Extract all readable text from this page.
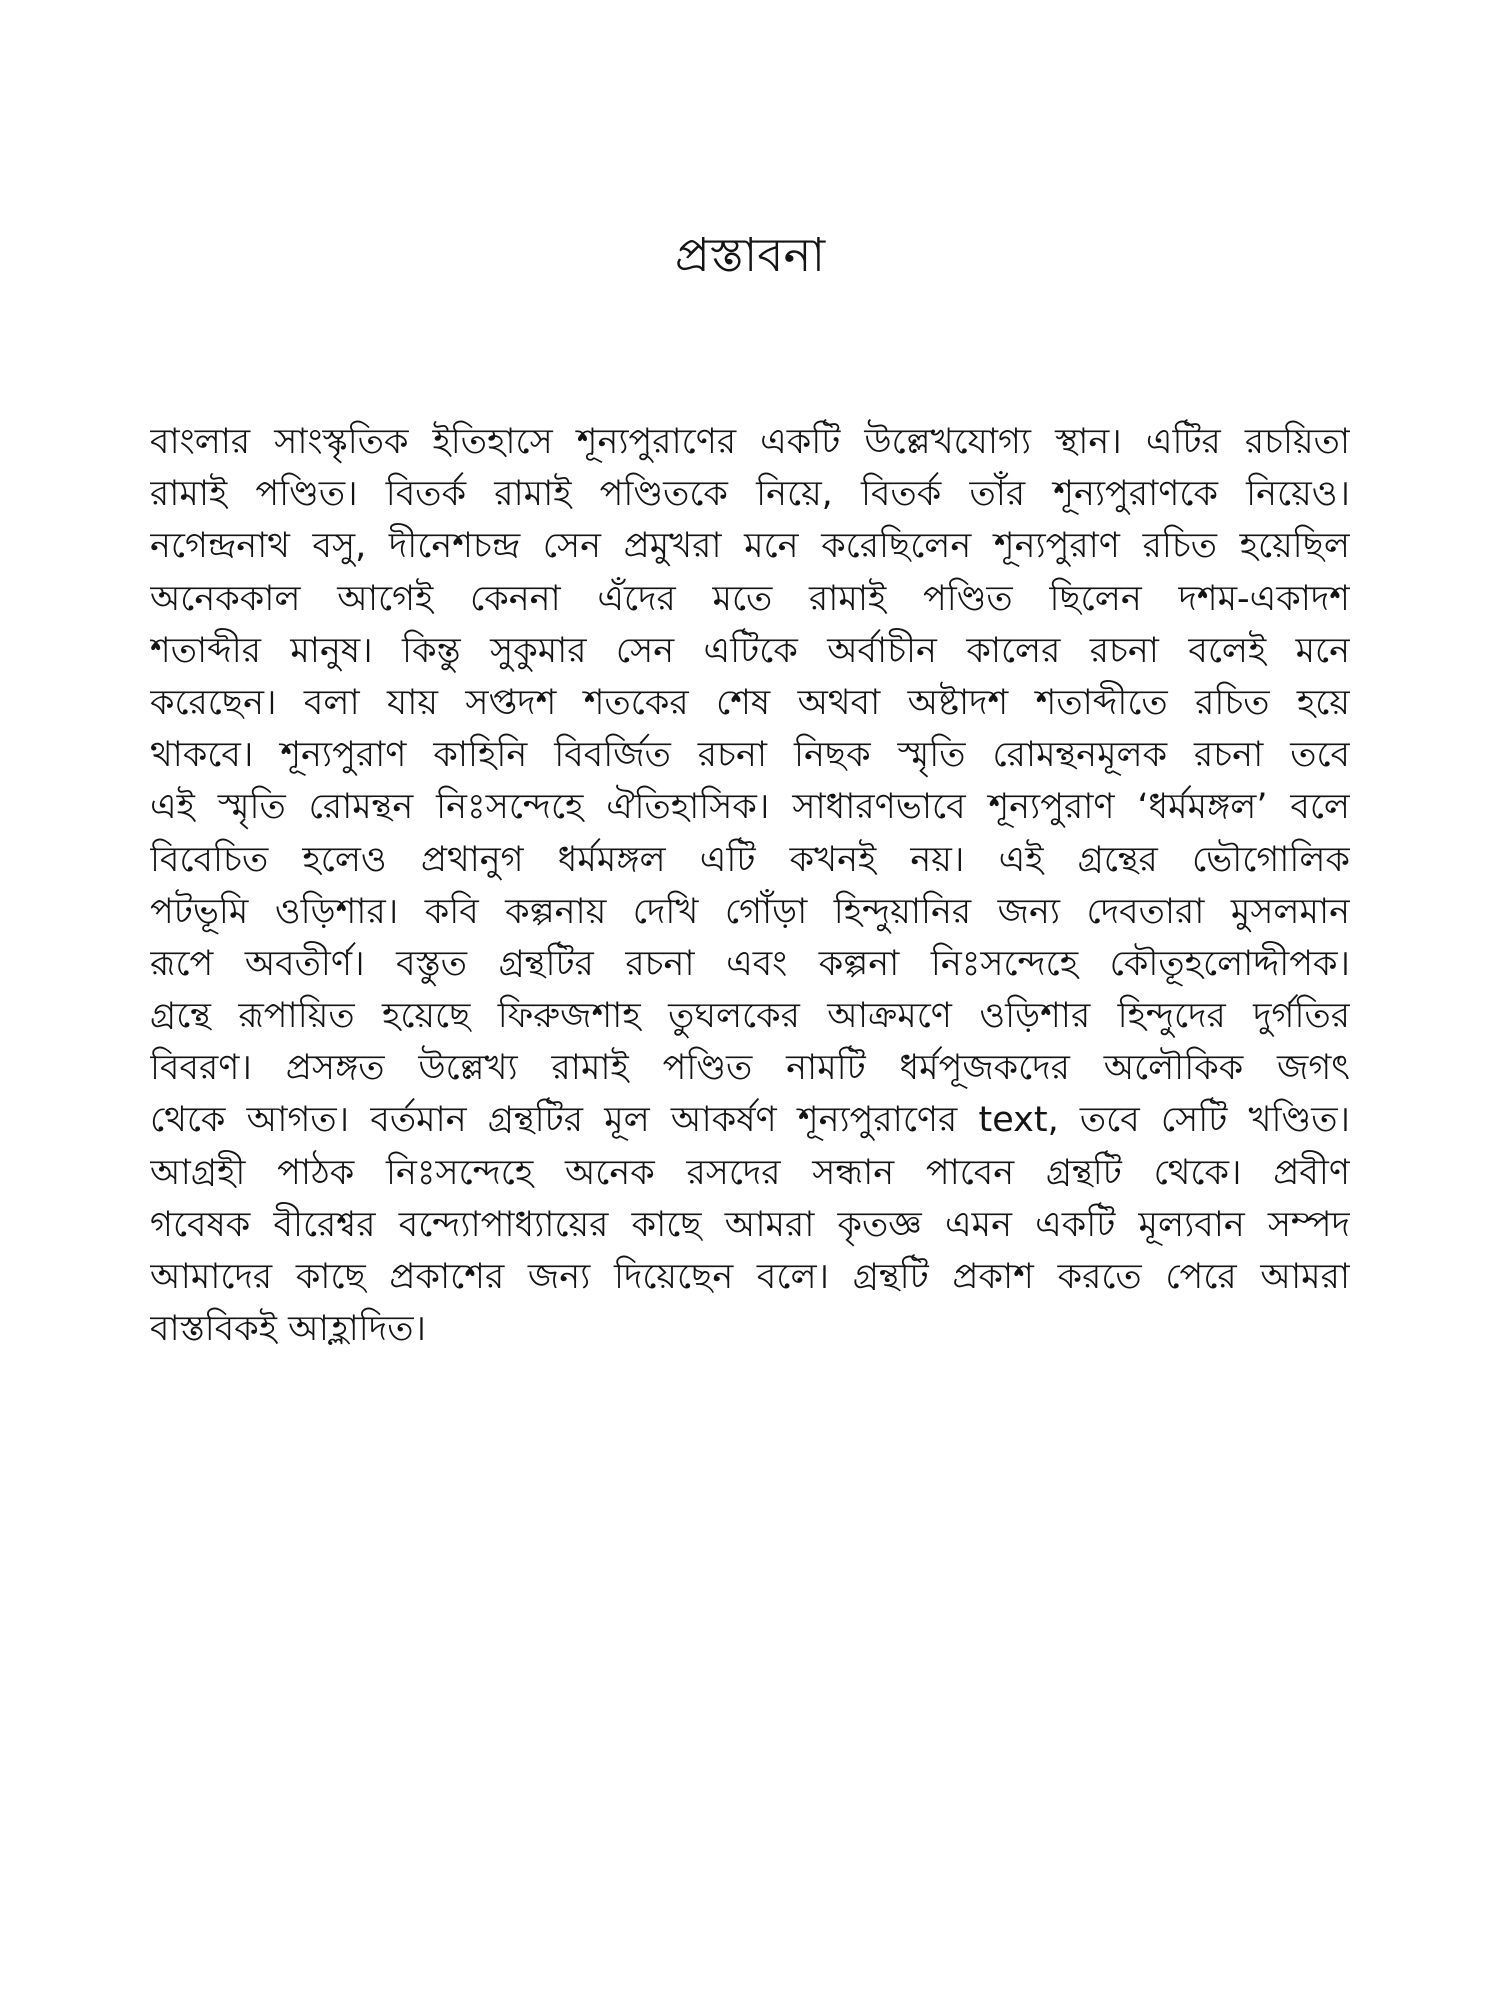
প্রস্তাবনা
বাংলার সাংস্কৃতিক ইতিহাসে শূন্যপুরাণের একটি উল্লেখযোগ্য স্থান। এটির রচয়িতা
রামাই পণ্ডিত। বিতর্ক রামাই পণ্ডিতকে নিয়ে, বিতর্ক তাঁর শূন্যপুরাণকে নিয়েও।
নগেন্দ্রনাথ বসু, দীনেশচন্দ্র সেন প্রমুখরা মনে করেছিলেন শূন্যপুরাণ রচিত হয়েছিল
অনেককাল আগেই কেননা এঁদের মতে রামাই পণ্ডিত ছিলেন দশম-একাদশ
শতাব্দীর মানুষ। কিন্তু সুকুমার সেন এটিকে অর্বাচীন কালের রচনা বলেই মনে
করেছেন। বলা যায় সপ্তদশ শতকের শেষ অথবা অষ্টাদশ শতাব্দীতে রচিত হয়ে
থাকবে। শূন্যপুরাণ কাহিনি বিবর্জিত রচনা নিছক স্মৃতি রোমন্থনমূলক রচনা তবে
এই স্মৃতি রোমন্থন নিঃসন্দেহে ঐতিহাসিক। সাধারণভাবে শূন্যপুরাণ ‘ধর্মমঙ্গল’ বলে
বিবেচিত হলেও প্রথানুগ ধর্মমঙ্গল এটি কখনই নয়। এই গ্রন্থের ভৌগোলিক
পটভূমি ওড়িশার। কবি কল্পনায় দেখি গোঁড়া হিন্দুয়ানির জন্য দেবতারা মুসলমান
রূপে অবতীর্ণ। বস্তুত গ্রন্থটির রচনা এবং কল্পনা নিঃসন্দেহে কৌতূহলোদ্দীপক।
গ্রন্থে রূপায়িত হয়েছে ফিরুজশাহ তুঘলকের আক্রমণে ওড়িশার হিন্দুদের দুর্গতির
বিবরণ। প্রসঙ্গত উল্লেখ্য রামাই পণ্ডিত নামটি ধর্মপূজকদের অলৌকিক জগৎ
থেকে আগত। বর্তমান গ্রন্থটির মূল আকর্ষণ শূন্যপুরাণের text, তবে সেটি খণ্ডিত।
আগ্রহী পাঠক নিঃসন্দেহে অনেক রসদের সন্ধান পাবেন গ্রন্থটি থেকে। প্রবীণ
গবেষক বীরেশ্বর বন্দ্যোপাধ্যায়ের কাছে আমরা কৃতজ্ঞ এমন একটি মূল্যবান সম্পদ
আমাদের কাছে প্রকাশের জন্য দিয়েছেন বলে। গ্রন্থটি প্রকাশ করতে পেরে আমরা
বাস্তবিকই আহ্লাদিত।
